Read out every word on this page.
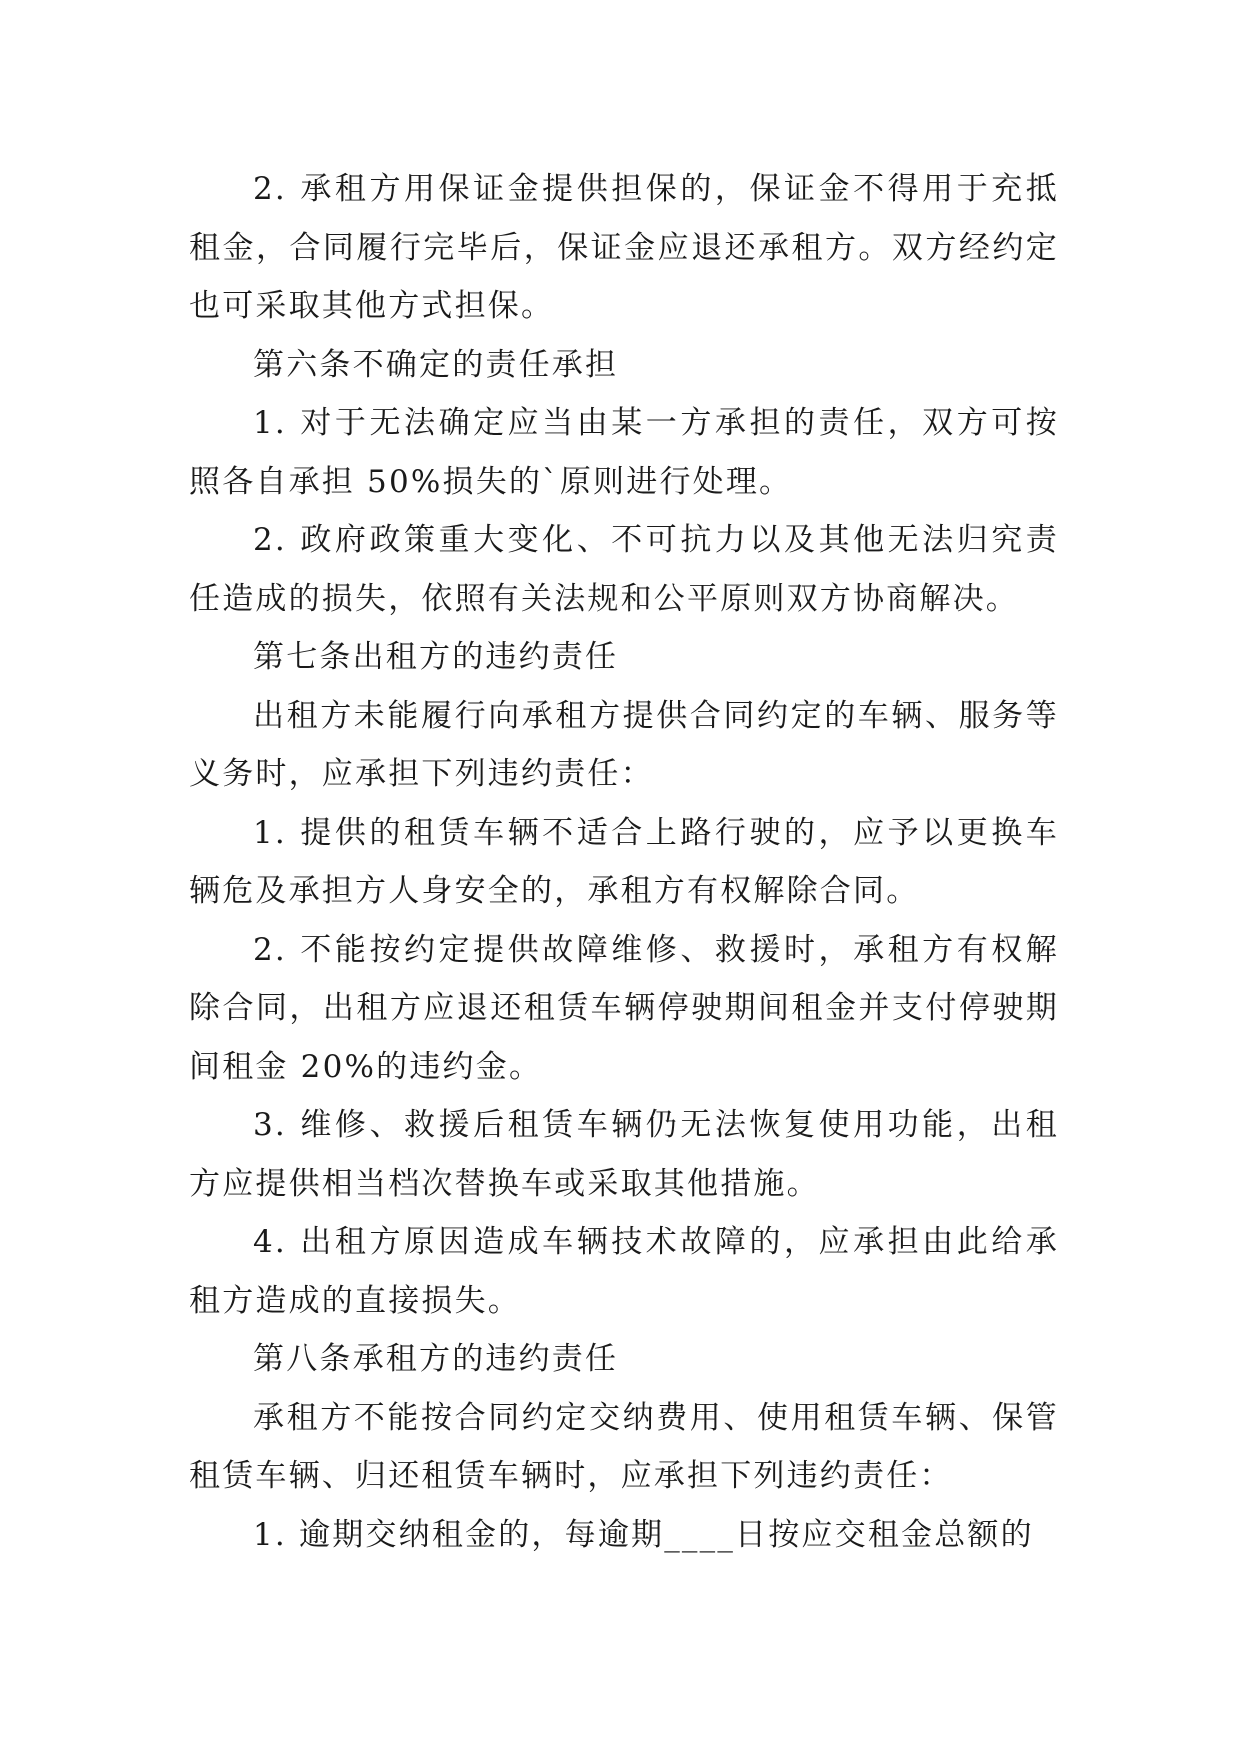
2. 承租方用保证金提供担保的，保证金不得用于充抵租金，合同履行完毕后，保证金应退还承租方。双方经约定也可采取其他方式担保。

第六条不确定的责任承担

1. 对于无法确定应当由某一方承担的责任，双方可按照各自承担 50%损失的`原则进行处理。

2. 政府政策重大变化、不可抗力以及其他无法归究责任造成的损失，依照有关法规和公平原则双方协商解决。

第七条出租方的违约责任

出租方未能履行向承租方提供合同约定的车辆、服务等义务时，应承担下列违约责任：

1. 提供的租赁车辆不适合上路行驶的，应予以更换车辆危及承担方人身安全的，承租方有权解除合同。

2. 不能按约定提供故障维修、救援时，承租方有权解除合同，出租方应退还租赁车辆停驶期间租金并支付停驶期间租金 20%的违约金。

3. 维修、救援后租赁车辆仍无法恢复使用功能，出租方应提供相当档次替换车或采取其他措施。

4. 出租方原因造成车辆技术故障的，应承担由此给承租方造成的直接损失。

第八条承租方的违约责任

承租方不能按合同约定交纳费用、使用租赁车辆、保管租赁车辆、归还租赁车辆时，应承担下列违约责任：

1. 逾期交纳租金的，每逾期____日按应交租金总额的
